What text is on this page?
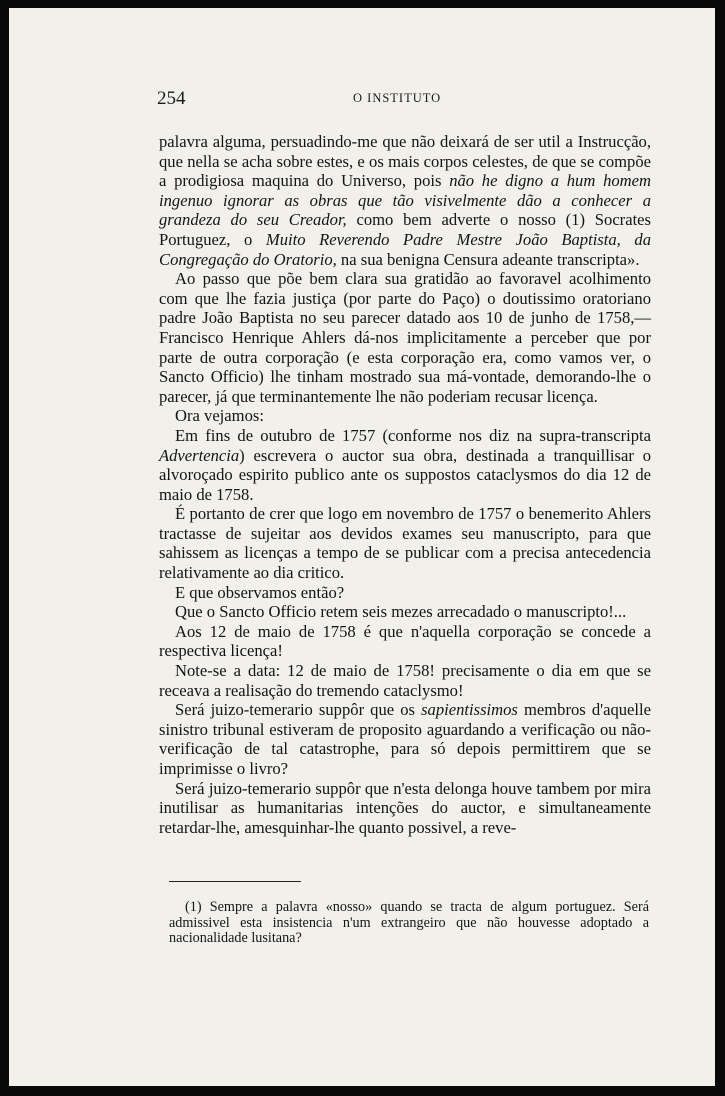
254	O INSTITUTO

palavra alguma, persuadindo-me que não deixará de ser util a Instrucção, que nella se acha sobre estes, e os mais corpos celestes, de que se compõe a prodigiosa maquina do Universo, pois não he digno a hum homem ingenuo ignorar as obras que tão visivelmente dão a conhecer a grandeza do seu Creador, como bem adverte o nosso (1) Socrates Portuguez, o Muito Reverendo Padre Mestre João Baptista, da Congregação do Oratorio, na sua benigna Censura adeante transcripta».

Ao passo que põe bem clara sua gratidão ao favoravel acolhimento com que lhe fazia justiça (por parte do Paço) o doutissimo oratoriano padre João Baptista no seu parecer datado aos 10 de junho de 1758,—Francisco Henrique Ahlers dá-nos implicitamente a perceber que por parte de outra corporação (e esta corporação era, como vamos ver, o Sancto Officio) lhe tinham mostrado sua má-vontade, demorando-lhe o parecer, já que terminantemente lhe não poderiam recusar licença.

Ora vejamos:

Em fins de outubro de 1757 (conforme nos diz na supra-transcripta Advertencia) escrevera o auctor sua obra, destinada a tranquillisar o alvoroçado espirito publico ante os suppostos cataclysmos do dia 12 de maio de 1758.

É portanto de crer que logo em novembro de 1757 o benemerito Ahlers tractasse de sujeitar aos devidos exames seu manuscripto, para que sahissem as licenças a tempo de se publicar com a precisa antecedencia relativamente ao dia critico.

E que observamos então?

Que o Sancto Officio retem seis mezes arrecadado o manuscripto!...

Aos 12 de maio de 1758 é que n'aquella corporação se concede a respectiva licença!

Note-se a data: 12 de maio de 1758! precisamente o dia em que se receava a realisação do tremendo cataclysmo!

Será juizo-temerario suppôr que os sapientissimos membros d'aquelle sinistro tribunal estiveram de proposito aguardando a verificação ou não-verificação de tal catastrophe, para só depois permittirem que se imprimisse o livro?

Será juizo-temerario suppôr que n'esta delonga houve tambem por mira inutilisar as humanitarias intenções do auctor, e simultaneamente retardar-lhe, amesquinhar-lhe quanto possivel, a reve-

(1) Sempre a palavra «nosso» quando se tracta de algum portuguez. Será admissivel esta insistencia n'um extrangeiro que não houvesse adoptado a nacionalidade lusitana?
